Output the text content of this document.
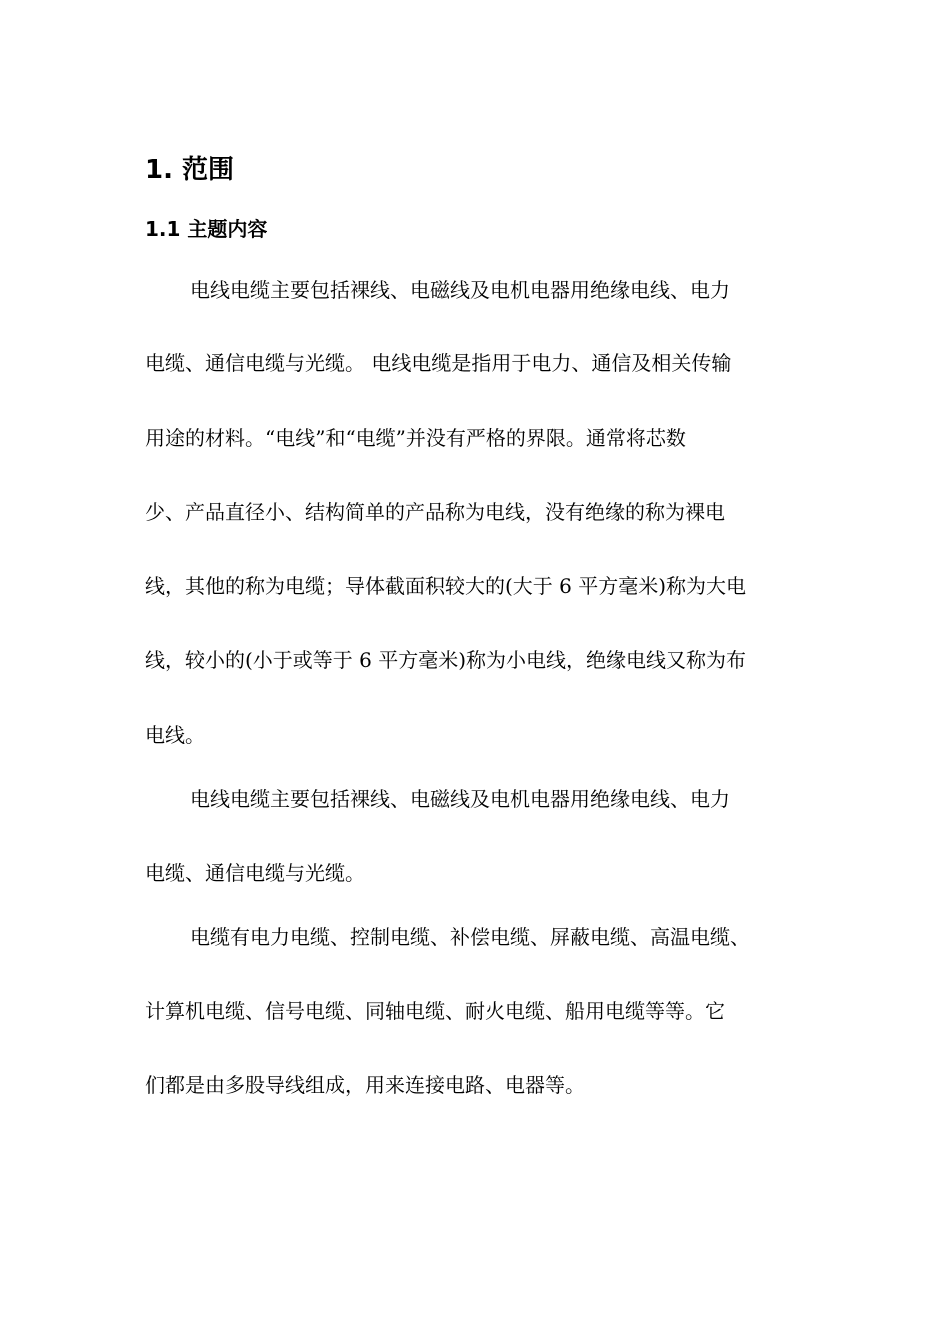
1. 范围
1.1 主题内容

电线电缆主要包括裸线、电磁线及电机电器用绝缘电线、电力

电缆、通信电缆与光缆。 电线电缆是指用于电力、通信及相关传输

用途的材料。“电线”和“电缆”并没有严格的界限。通常将芯数

少、产品直径小、结构简单的产品称为电线，没有绝缘的称为裸电

线，其他的称为电缆；导体截面积较大的(大于 6 平方毫米)称为大电

线，较小的(小于或等于 6 平方毫米)称为小电线，绝缘电线又称为布

电线。

电线电缆主要包括裸线、电磁线及电机电器用绝缘电线、电力

电缆、通信电缆与光缆。

电缆有电力电缆、控制电缆、补偿电缆、屏蔽电缆、高温电缆、

计算机电缆、信号电缆、同轴电缆、耐火电缆、船用电缆等等。它

们都是由多股导线组成，用来连接电路、电器等。
